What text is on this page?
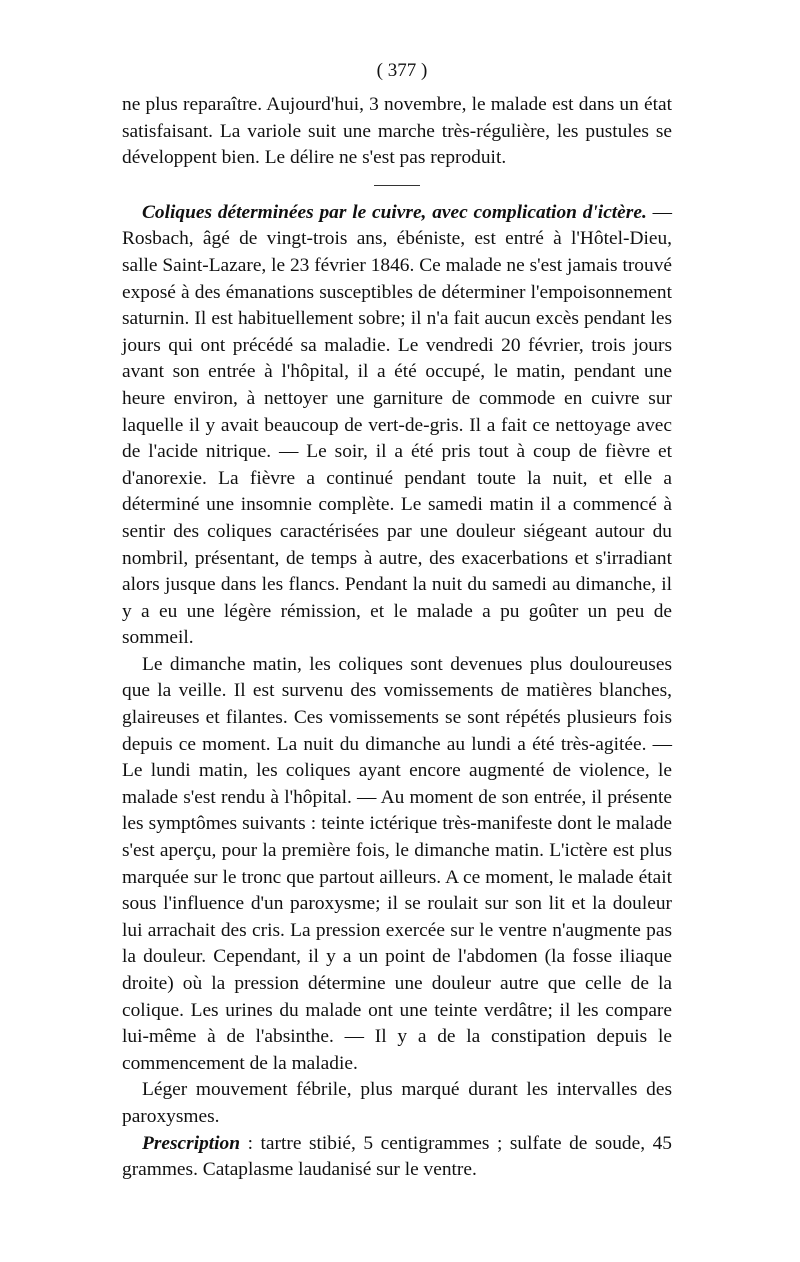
( 377 )

ne plus reparaître. Aujourd'hui, 3 novembre, le malade est dans un état satisfaisant. La variole suit une marche très-régulière, les pustules se développent bien. Le délire ne s'est pas reproduit.

Coliques déterminées par le cuivre, avec complication d'ictère. — Rosbach, âgé de vingt-trois ans, ébéniste, est entré à l'Hôtel-Dieu, salle Saint-Lazare, le 23 février 1846. Ce malade ne s'est jamais trouvé exposé à des émanations susceptibles de déterminer l'empoisonnement saturnin. Il est habituellement sobre; il n'a fait aucun excès pendant les jours qui ont précédé sa maladie. Le vendredi 20 février, trois jours avant son entrée à l'hôpital, il a été occupé, le matin, pendant une heure environ, à nettoyer une garniture de commode en cuivre sur laquelle il y avait beaucoup de vert-de-gris. Il a fait ce nettoyage avec de l'acide nitrique. — Le soir, il a été pris tout à coup de fièvre et d'anorexie. La fièvre a continué pendant toute la nuit, et elle a déterminé une insomnie complète. Le samedi matin il a commencé à sentir des coliques caractérisées par une douleur siégeant autour du nombril, présentant, de temps à autre, des exacerbations et s'irradiant alors jusque dans les flancs. Pendant la nuit du samedi au dimanche, il y a eu une légère rémission, et le malade a pu goûter un peu de sommeil.

Le dimanche matin, les coliques sont devenues plus douloureuses que la veille. Il est survenu des vomissements de matières blanches, glaireuses et filantes. Ces vomissements se sont répétés plusieurs fois depuis ce moment. La nuit du dimanche au lundi a été très-agitée. — Le lundi matin, les coliques ayant encore augmenté de violence, le malade s'est rendu à l'hôpital. — Au moment de son entrée, il présente les symptômes suivants : teinte ictérique très-manifeste dont le malade s'est aperçu, pour la première fois, le dimanche matin. L'ictère est plus marquée sur le tronc que partout ailleurs. A ce moment, le malade était sous l'influence d'un paroxysme; il se roulait sur son lit et la douleur lui arrachait des cris. La pression exercée sur le ventre n'augmente pas la douleur. Cependant, il y a un point de l'abdomen (la fosse iliaque droite) où la pression détermine une douleur autre que celle de la colique. Les urines du malade ont une teinte verdâtre; il les compare lui-même à de l'absinthe. — Il y a de la constipation depuis le commencement de la maladie.

Léger mouvement fébrile, plus marqué durant les intervalles des paroxysmes.

Prescription : tartre stibié, 5 centigrammes ; sulfate de soude, 45 grammes. Cataplasme laudanisé sur le ventre.
